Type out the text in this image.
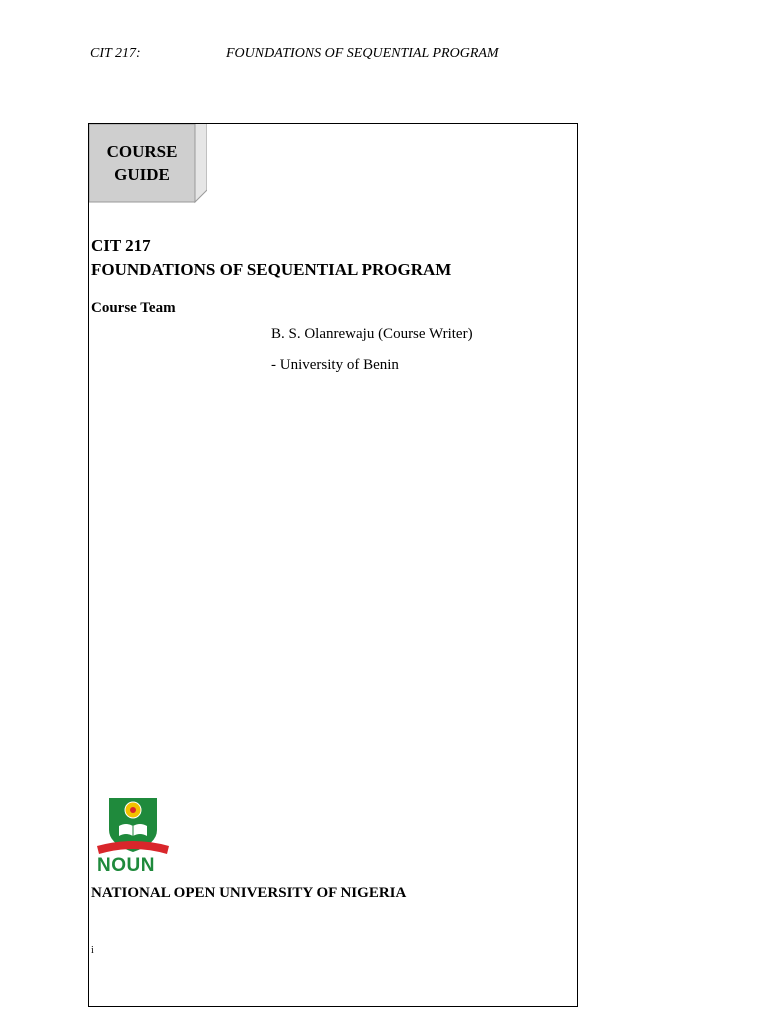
CIT 217:	FOUNDATIONS OF SEQUENTIAL PROGRAM
COURSE
GUIDE
CIT 217
FOUNDATIONS OF SEQUENTIAL PROGRAM
Course Team
B. S. Olanrewaju (Course Writer)
- University of Benin
NOUN
NATIONAL OPEN UNIVERSITY OF NIGERIA
i
